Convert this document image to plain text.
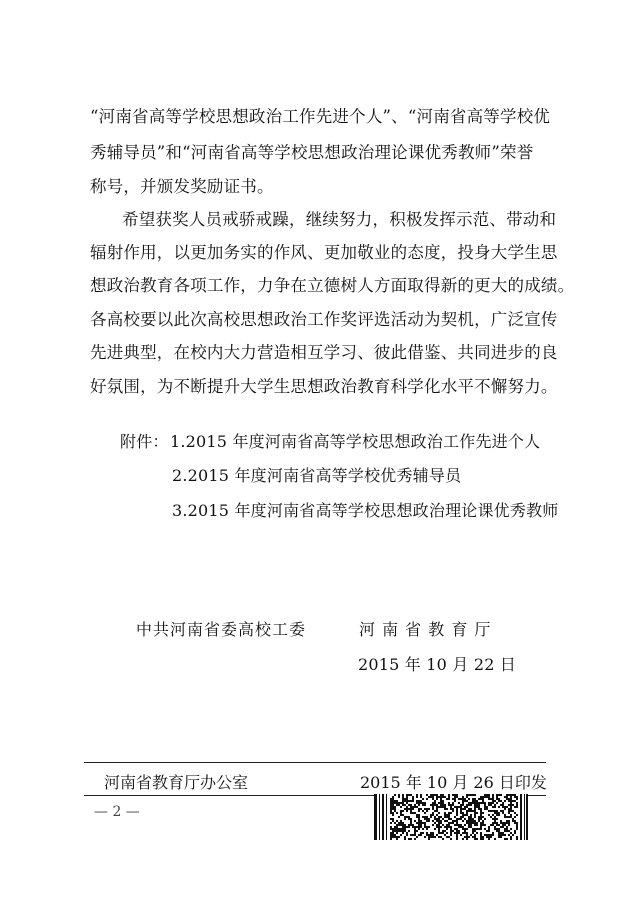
“河南省高等学校思想政治工作先进个人”、“河南省高等学校优
秀辅导员”和“河南省高等学校思想政治理论课优秀教师”荣誉
称号，并颁发奖励证书。
希望获奖人员戒骄戒躁，继续努力，积极发挥示范、带动和
辐射作用，以更加务实的作风、更加敬业的态度，投身大学生思
想政治教育各项工作，力争在立德树人方面取得新的更大的成绩。
各高校要以此次高校思想政治工作奖评选活动为契机，广泛宣传
先进典型，在校内大力营造相互学习、彼此借鉴、共同进步的良
好氛围，为不断提升大学生思想政治教育科学化水平不懈努力。
附件： 1.2015 年度河南省高等学校思想政治工作先进个人
2.2015 年度河南省高等学校优秀辅导员
3.2015 年度河南省高等学校思想政治理论课优秀教师
中共河南省委高校工委	河 南 省 教 育 厅
2015 年 10 月 22 日
河南省教育厅办公室	2015 年 10 月 26 日印发
— 2 —
